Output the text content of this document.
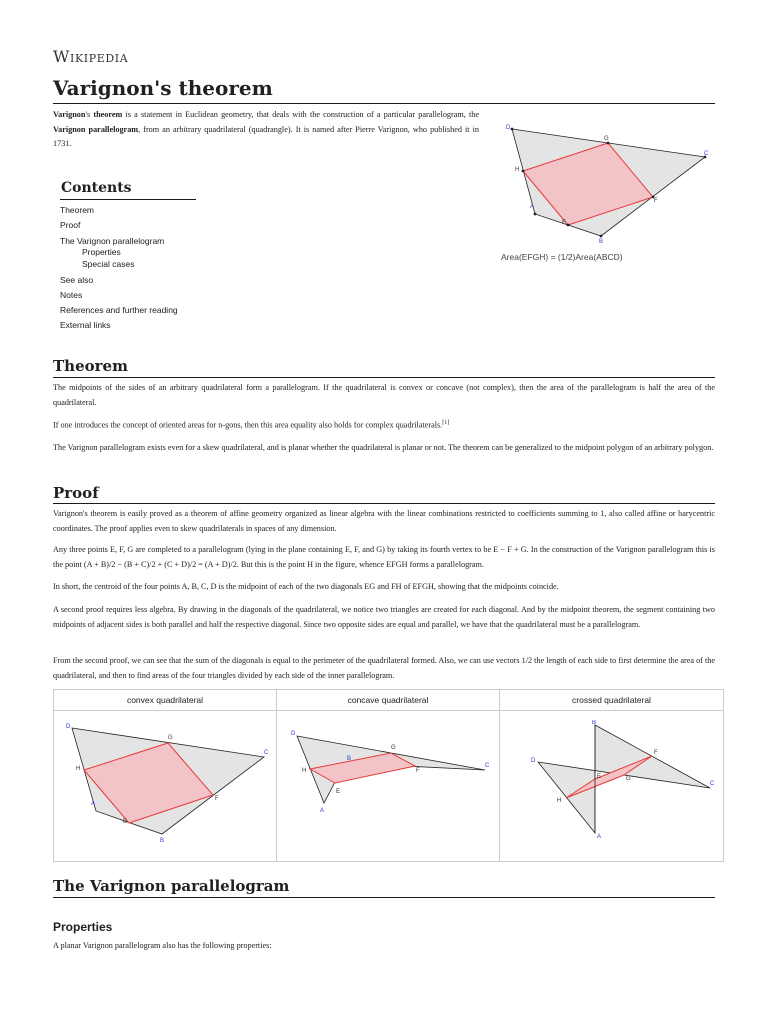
Wikipedia
Varignon's theorem
Varignon's theorem is a statement in Euclidean geometry, that deals with the construction of a particular parallelogram, the Varignon parallelogram, from an arbitrary quadrilateral (quadrangle). It is named after Pierre Varignon, who published it in 1731.
D
C
B
A
G
H
F
E
Area(EFGH) = (1/2)Area(ABCD)
Contents
Theorem
Proof
The Varignon parallelogram
Properties
Special cases
See also
Notes
References and further reading
External links
Theorem
The midpoints of the sides of an arbitrary quadrilateral form a parallelogram. If the quadrilateral is convex or concave (not complex), then the area of the parallelogram is half the area of the quadrilateral.
If one introduces the concept of oriented areas for n-gons, then this area equality also holds for complex quadrilaterals.[1]
The Varignon parallelogram exists even for a skew quadrilateral, and is planar whether the quadrilateral is planar or not. The theorem can be generalized to the midpoint polygon of an arbitrary polygon.
Proof
Varignon's theorem is easily proved as a theorem of affine geometry organized as linear algebra with the linear combinations restricted to coefficients summing to 1, also called affine or barycentric coordinates. The proof applies even to skew quadrilaterals in spaces of any dimension.
Any three points E, F, G are completed to a parallelogram (lying in the plane containing E, F, and G) by taking its fourth vertex to be E − F + G. In the construction of the Varignon parallelogram this is the point (A + B)/2 − (B + C)/2 + (C + D)/2 = (A + D)/2. But this is the point H in the figure, whence EFGH forms a parallelogram.
In short, the centroid of the four points A, B, C, D is the midpoint of each of the two diagonals EG and FH of EFGH, showing that the midpoints coincide.
A second proof requires less algebra. By drawing in the diagonals of the quadrilateral, we notice two triangles are created for each diagonal. And by the midpoint theorem, the segment containing two midpoints of adjacent sides is both parallel and half the respective diagonal. Since two opposite sides are equal and parallel, we have that the quadrilateral must be a parallelogram.
From the second proof, we can see that the sum of the diagonals is equal to the perimeter of the quadrilateral formed. Also, we can use vectors 1/2 the length of each side to first determine the area of the quadrilateral, and then to find areas of the four triangles divided by each side of the inner parallelogram.
convex quadrilateral
D
C
B
A
G
H
F
E
concave quadrilateral
D
C
B
A
G
H	F
E
crossed quadrilateral
B
C
D
A
F
G
H
E
The Varignon parallelogram
Properties
A planar Varignon parallelogram also has the following properties:
